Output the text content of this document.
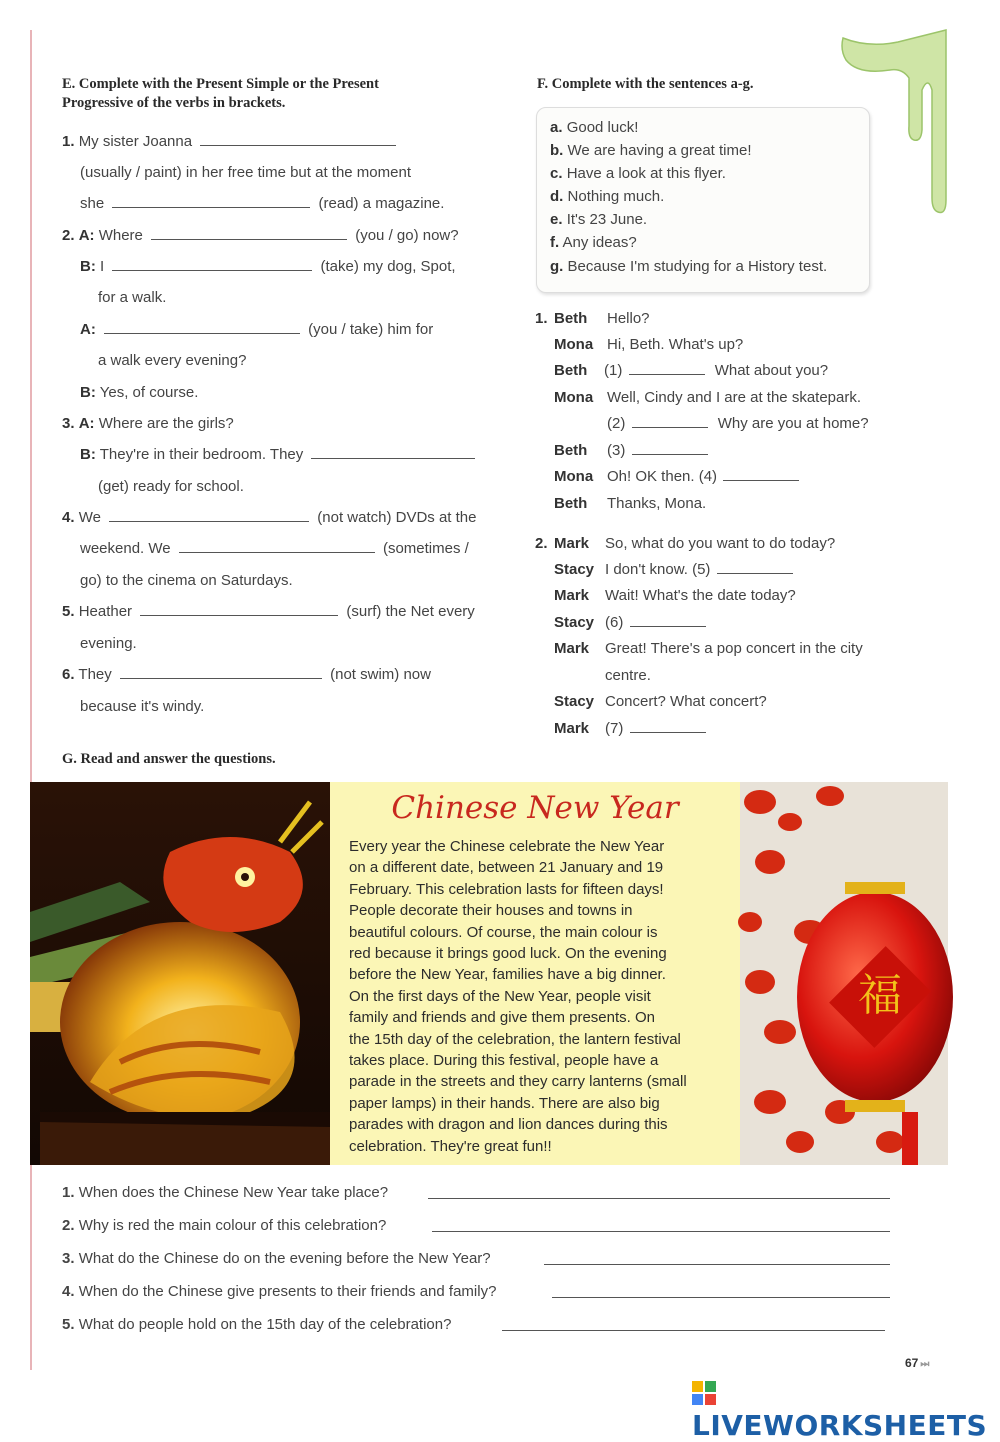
E. Complete with the Present Simple or the Present
Progressive of the verbs in brackets.
1. My sister Joanna
(usually / paint) in her free time but at the moment
she	(read) a magazine.
2. A: Where	(you / go) now?
B: I	(take) my dog, Spot,
for a walk.
A:	(you / take) him for
a walk every evening?
B: Yes, of course.
3. A: Where are the girls?
B: They're in their bedroom. They
(get) ready for school.
4. We	(not watch) DVDs at the
weekend. We	(sometimes /
go) to the cinema on Saturdays.
5. Heather	(surf) the Net every
evening.
6. They	(not swim) now
because it's windy.
F. Complete with the sentences a-g.
a. Good luck!
b. We are having a great time!
c. Have a look at this flyer.
d. Nothing much.
e. It's 23 June.
f. Any ideas?
g. Because I'm studying for a History test.
1. Beth Hello?
Mona Hi, Beth. What's up?
Beth (1)	What about you?
Mona Well, Cindy and I are at the skatepark.
(2)	Why are you at home?
Beth (3)
Mona Oh! OK then. (4)
Beth Thanks, Mona.
2. Mark So, what do you want to do today?
Stacy I don't know. (5)
Mark Wait! What's the date today?
Stacy (6)
Mark Great! There's a pop concert in the city
centre.
Stacy Concert? What concert?
Mark (7)
G. Read and answer the questions.
福
Chinese New Year
Every year the Chinese celebrate the New Year
on a different date, between 21 January and 19
February. This celebration lasts for fifteen days!
People decorate their houses and towns in
beautiful colours. Of course, the main colour is
red because it brings good luck. On the evening
before the New Year, families have a big dinner.
On the first days of the New Year, people visit
family and friends and give them presents. On
the 15th day of the celebration, the lantern festival
takes place. During this festival, people have a
parade in the streets and they carry lanterns (small
paper lamps) in their hands. There are also big
parades with dragon and lion dances during this
celebration. They're great fun!!
1. When does the Chinese New Year take place?
2. Why is red the main colour of this celebration?
3. What do the Chinese do on the evening before the New Year?
4. When do the Chinese give presents to their friends and family?
5. What do people hold on the 15th day of the celebration?
67 ⏭
LIVEWORKSHEETS
